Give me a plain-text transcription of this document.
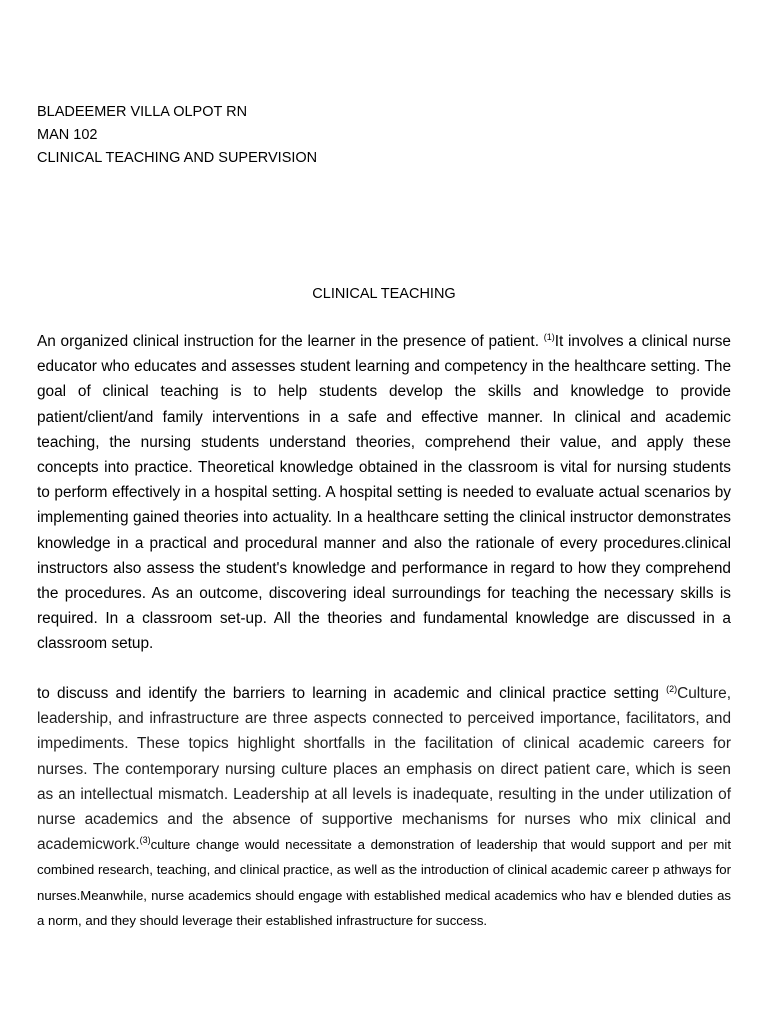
BLADEEMER VILLA OLPOT RN
MAN 102
CLINICAL TEACHING AND SUPERVISION
CLINICAL TEACHING

An organized clinical instruction for the learner in the presence of patient. $^{(1)}$It involves a clinical nurse educator who educates and assesses student learning and competency in the healthcare setting. The goal of clinical teaching is to help students develop the skills and knowledge to provide patient/client/and family interventions in a safe and effective manner. In clinical and academic teaching, the nursing students understand theories, comprehend their value, and apply these concepts into practice. Theoretical knowledge obtained in the classroom is vital for nursing students to perform effectively in a hospital setting. A hospital setting is needed to evaluate actual scenarios by implementing gained theories into actuality. In a healthcare setting the clinical instructor demonstrates knowledge in a practical and procedural manner and also the rationale of every procedures.clinical instructors also assess the student's knowledge and performance in regard to how they comprehend the procedures. As an outcome, discovering ideal surroundings for teaching the necessary skills is required. In a classroom set-up. All the theories and fundamental knowledge are discussed in a classroom setup.

to discuss and identify the barriers to learning in academic and clinical practice setting $^{(2)}$Culture, leadership, and infrastructure are three aspects connected to perceived importance, facilitators, and impediments. These topics highlight shortfalls in the facilitation of clinical academic careers for nurses. The contemporary nursing culture places an emphasis on direct patient care, which is seen as an intellectual mismatch. Leadership at all levels is inadequate, resulting in the under utilization of nurse academics and the absence of supportive mechanisms for nurses who mix clinical and academicwork.$^{(3)}$culture change would necessitate a demonstration of leadership that would support and per mit combined research, teaching, and clinical practice, as well as the introduction of clinical academic career p athways for nurses.Meanwhile, nurse academics should engage with established medical academics who hav e blended duties as a norm, and they should leverage their established infrastructure for success.
